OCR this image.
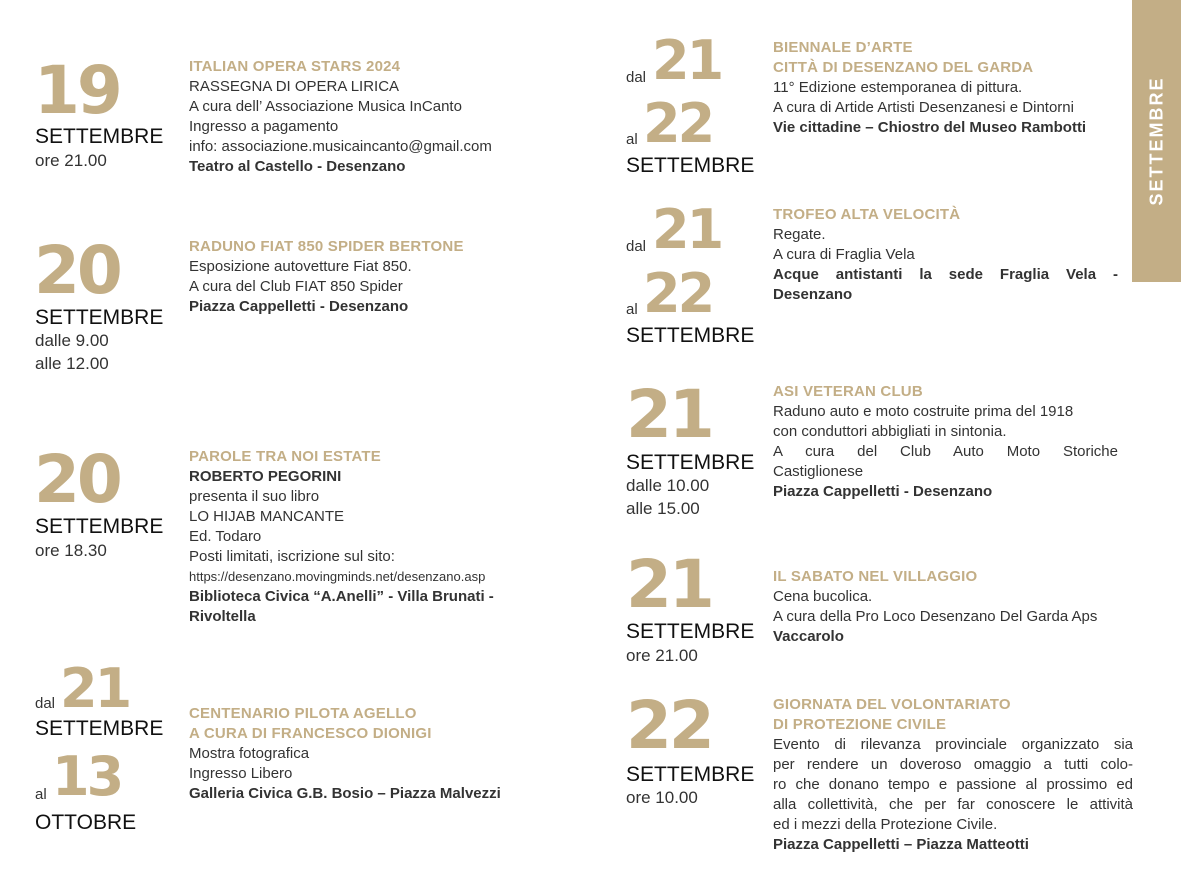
SETTEMBRE
19
SETTEMBRE
ore 21.00
ITALIAN OPERA STARS 2024
RASSEGNA DI OPERA LIRICA
A cura dell’ Associazione Musica InCanto
Ingresso a pagamento
info: associazione.musicaincanto@gmail.com
Teatro al Castello - Desenzano
20
SETTEMBRE
dalle 9.00
alle 12.00
RADUNO FIAT 850 SPIDER BERTONE
Esposizione autovetture Fiat 850.
A cura del Club FIAT 850 Spider
Piazza Cappelletti - Desenzano
20
SETTEMBRE
ore 18.30
PAROLE TRA NOI ESTATE
ROBERTO PEGORINI
presenta il suo libro
LO HIJAB MANCANTE
Ed. Todaro
Posti limitati, iscrizione sul sito:
https://desenzano.movingminds.net/desenzano.asp
Biblioteca Civica “A.Anelli” - Villa Brunati -
Rivoltella
dal 21
SETTEMBRE
al 13
OTTOBRE
CENTENARIO PILOTA AGELLO
A CURA DI FRANCESCO DIONIGI
Mostra fotografica
Ingresso Libero
Galleria Civica G.B. Bosio – Piazza Malvezzi
dal 21
al 22
SETTEMBRE
BIENNALE D’ARTE
CITTÀ DI DESENZANO DEL GARDA
11° Edizione estemporanea di pittura.
A cura di Artide Artisti Desenzanesi e Dintorni
Vie cittadine – Chiostro del Museo Rambotti
dal 21
al 22
SETTEMBRE
TROFEO ALTA VELOCITÀ
Regate.
A cura di Fraglia Vela
Acque antistanti la sede Fraglia Vela -
Desenzano
21
SETTEMBRE
dalle 10.00
alle 15.00
ASI VETERAN CLUB
Raduno auto e moto costruite prima del 1918
con conduttori abbigliati in sintonia.
A cura del Club Auto Moto Storiche
Castiglionese
Piazza Cappelletti - Desenzano
21
SETTEMBRE
ore 21.00
IL SABATO NEL VILLAGGIO
Cena bucolica.
A cura della Pro Loco Desenzano Del Garda Aps
Vaccarolo
22
SETTEMBRE
ore 10.00
GIORNATA DEL VOLONTARIATO
DI PROTEZIONE CIVILE
Evento di rilevanza provinciale organizzato sia
per rendere un doveroso omaggio a tutti colo-
ro che donano tempo e passione al prossimo ed
alla collettività, che per far conoscere le attività
ed i mezzi della Protezione Civile.
Piazza Cappelletti – Piazza Matteotti
